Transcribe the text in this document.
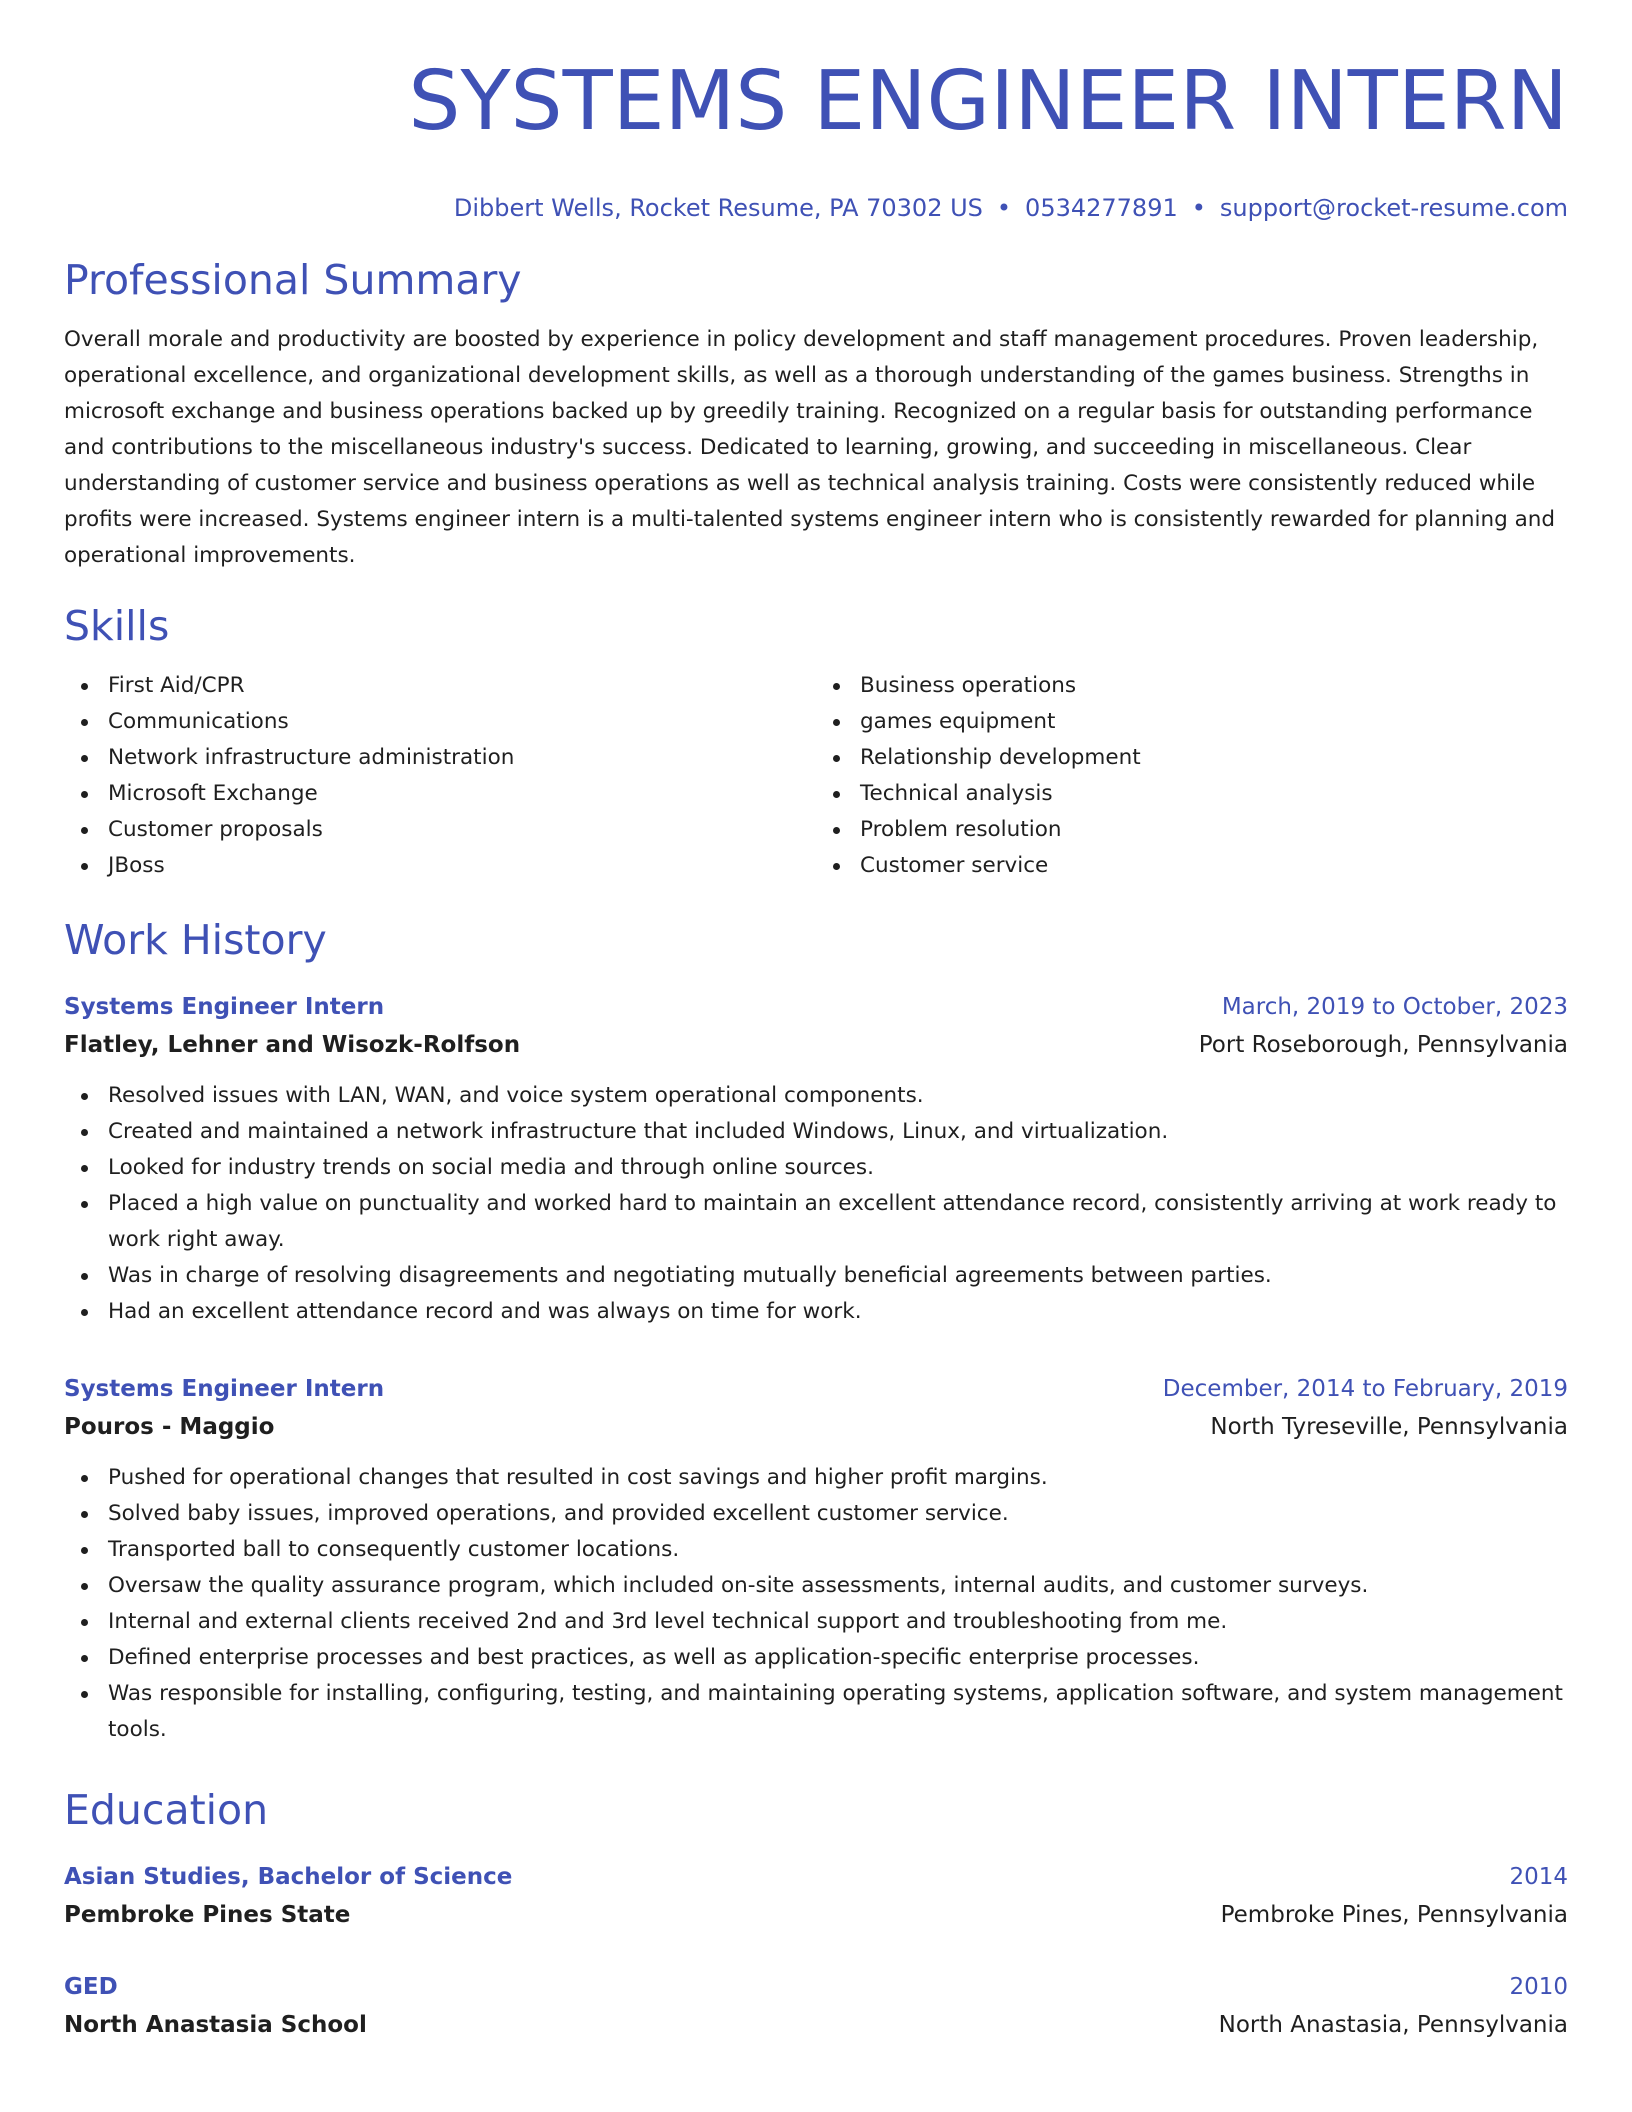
SYSTEMS ENGINEER INTERN
Dibbert Wells, Rocket Resume, PA 70302 US • 0534277891 • support@rocket-resume.com
Professional Summary

Overall morale and productivity are boosted by experience in policy development and staff management procedures. Proven leadership, operational excellence, and organizational development skills, as well as a thorough understanding of the games business. Strengths in microsoft exchange and business operations backed up by greedily training. Recognized on a regular basis for outstanding performance and contributions to the miscellaneous industry's success. Dedicated to learning, growing, and succeeding in miscellaneous. Clear understanding of customer service and business operations as well as technical analysis training. Costs were consistently reduced while profits were increased. Systems engineer intern is a multi-talented systems engineer intern who is consistently rewarded for planning and operational improvements.

Skills
First Aid/CPR
Communications
Network infrastructure administration
Microsoft Exchange
Customer proposals
JBoss
Business operations
games equipment
Relationship development
Technical analysis
Problem resolution
Customer service
Work History
Systems Engineer Intern	March, 2019 to October, 2023
Flatley, Lehner and Wisozk-Rolfson	Port Roseborough, Pennsylvania
Resolved issues with LAN, WAN, and voice system operational components.
Created and maintained a network infrastructure that included Windows, Linux, and virtualization.
Looked for industry trends on social media and through online sources.
Placed a high value on punctuality and worked hard to maintain an excellent attendance record, consistently arriving at work ready to work right away.
Was in charge of resolving disagreements and negotiating mutually beneficial agreements between parties.
Had an excellent attendance record and was always on time for work.
Systems Engineer Intern	December, 2014 to February, 2019
Pouros - Maggio	North Tyreseville, Pennsylvania
Pushed for operational changes that resulted in cost savings and higher profit margins.
Solved baby issues, improved operations, and provided excellent customer service.
Transported ball to consequently customer locations.
Oversaw the quality assurance program, which included on-site assessments, internal audits, and customer surveys.
Internal and external clients received 2nd and 3rd level technical support and troubleshooting from me.
Defined enterprise processes and best practices, as well as application-specific enterprise processes.
Was responsible for installing, configuring, testing, and maintaining operating systems, application software, and system management tools.
Education
Asian Studies, Bachelor of Science	2014
Pembroke Pines State	Pembroke Pines, Pennsylvania
GED	2010
North Anastasia School	North Anastasia, Pennsylvania
